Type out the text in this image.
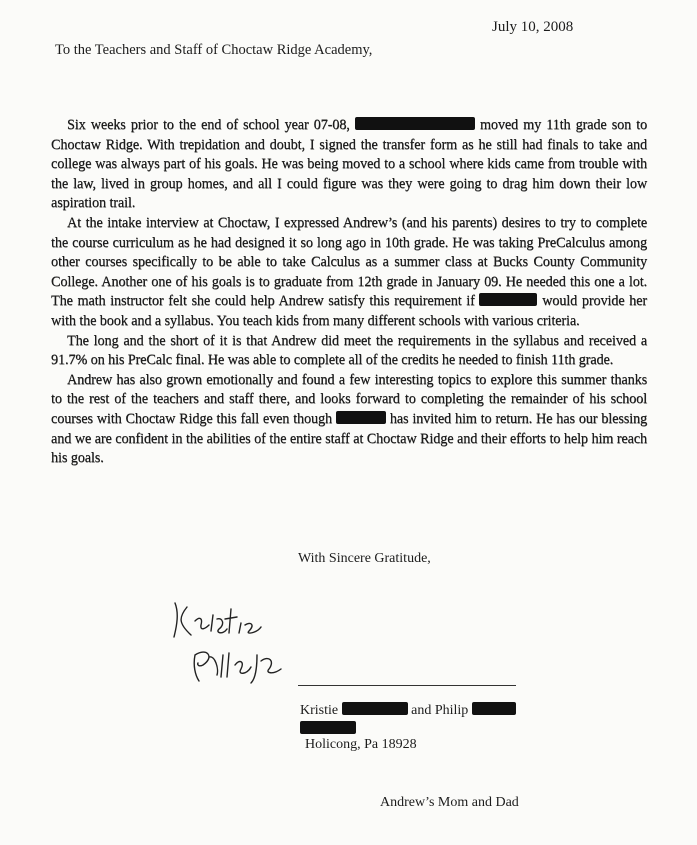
July 10, 2008
To the Teachers and Staff of Choctaw Ridge Academy,

Six weeks prior to the end of school year 07-08,	moved my 11th grade son to Choctaw Ridge. With trepidation and doubt, I signed the transfer form as he still had finals to take and college was always part of his goals. He was being moved to a school where kids came from trouble with the law, lived in group homes, and all I could figure was they were going to drag him down their low aspiration trail.

At the intake interview at Choctaw, I expressed Andrew’s (and his parents) desires to try to complete the course curriculum as he had designed it so long ago in 10th grade. He was taking PreCalculus among other courses specifically to be able to take Calculus as a summer class at Bucks County Community College. Another one of his goals is to graduate from 12th grade in January 09. He needed this one a lot. The math instructor felt she could help Andrew satisfy this requirement if	would provide her with the book and a syllabus. You teach kids from many different schools with various criteria.

The long and the short of it is that Andrew did meet the requirements in the syllabus and received a 91.7% on his PreCalc final. He was able to complete all of the credits he needed to finish 11th grade.

Andrew has also grown emotionally and found a few interesting topics to explore this summer thanks to the rest of the teachers and staff there, and looks forward to completing the remainder of his school courses with Choctaw Ridge this fall even though	has invited him to return. He has our blessing and we are confident in the abilities of the entire staff at Choctaw Ridge and their efforts to help him reach his goals.

With Sincere Gratitude,
Kristie	and Philip

Holicong, Pa 18928
Andrew’s Mom and Dad
